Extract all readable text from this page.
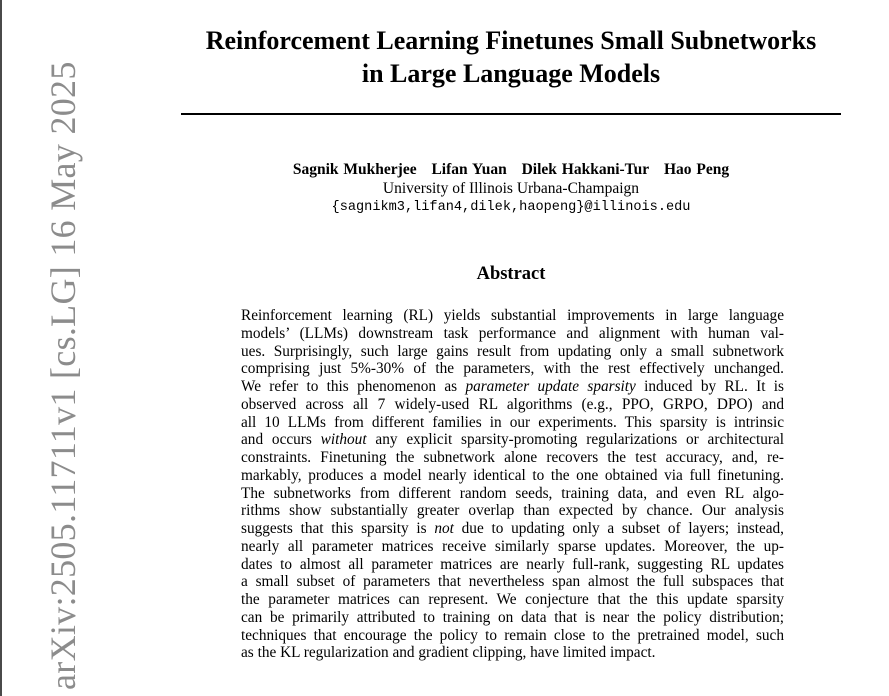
arXiv:2505.11711v1 [cs.LG] 16 May 2025
Reinforcement Learning Finetunes Small Subnetworks
in Large Language Models
Sagnik Mukherjee Lifan Yuan Dilek Hakkani-Tur Hao Peng
University of Illinois Urbana-Champaign
{sagnikm3,lifan4,dilek,haopeng}@illinois.edu
Abstract
Reinforcement learning (RL) yields substantial improvements in large language
models’ (LLMs) downstream task performance and alignment with human val-
ues. Surprisingly, such large gains result from updating only a small subnetwork
comprising just 5%-30% of the parameters, with the rest effectively unchanged.
We refer to this phenomenon as parameter update sparsity induced by RL. It is
observed across all 7 widely-used RL algorithms (e.g., PPO, GRPO, DPO) and
all 10 LLMs from different families in our experiments. This sparsity is intrinsic
and occurs without any explicit sparsity-promoting regularizations or architectural
constraints. Finetuning the subnetwork alone recovers the test accuracy, and, re-
markably, produces a model nearly identical to the one obtained via full finetuning.
The subnetworks from different random seeds, training data, and even RL algo-
rithms show substantially greater overlap than expected by chance. Our analysis
suggests that this sparsity is not due to updating only a subset of layers; instead,
nearly all parameter matrices receive similarly sparse updates. Moreover, the up-
dates to almost all parameter matrices are nearly full-rank, suggesting RL updates
a small subset of parameters that nevertheless span almost the full subspaces that
the parameter matrices can represent. We conjecture that the this update sparsity
can be primarily attributed to training on data that is near the policy distribution;
techniques that encourage the policy to remain close to the pretrained model, such
as the KL regularization and gradient clipping, have limited impact.
